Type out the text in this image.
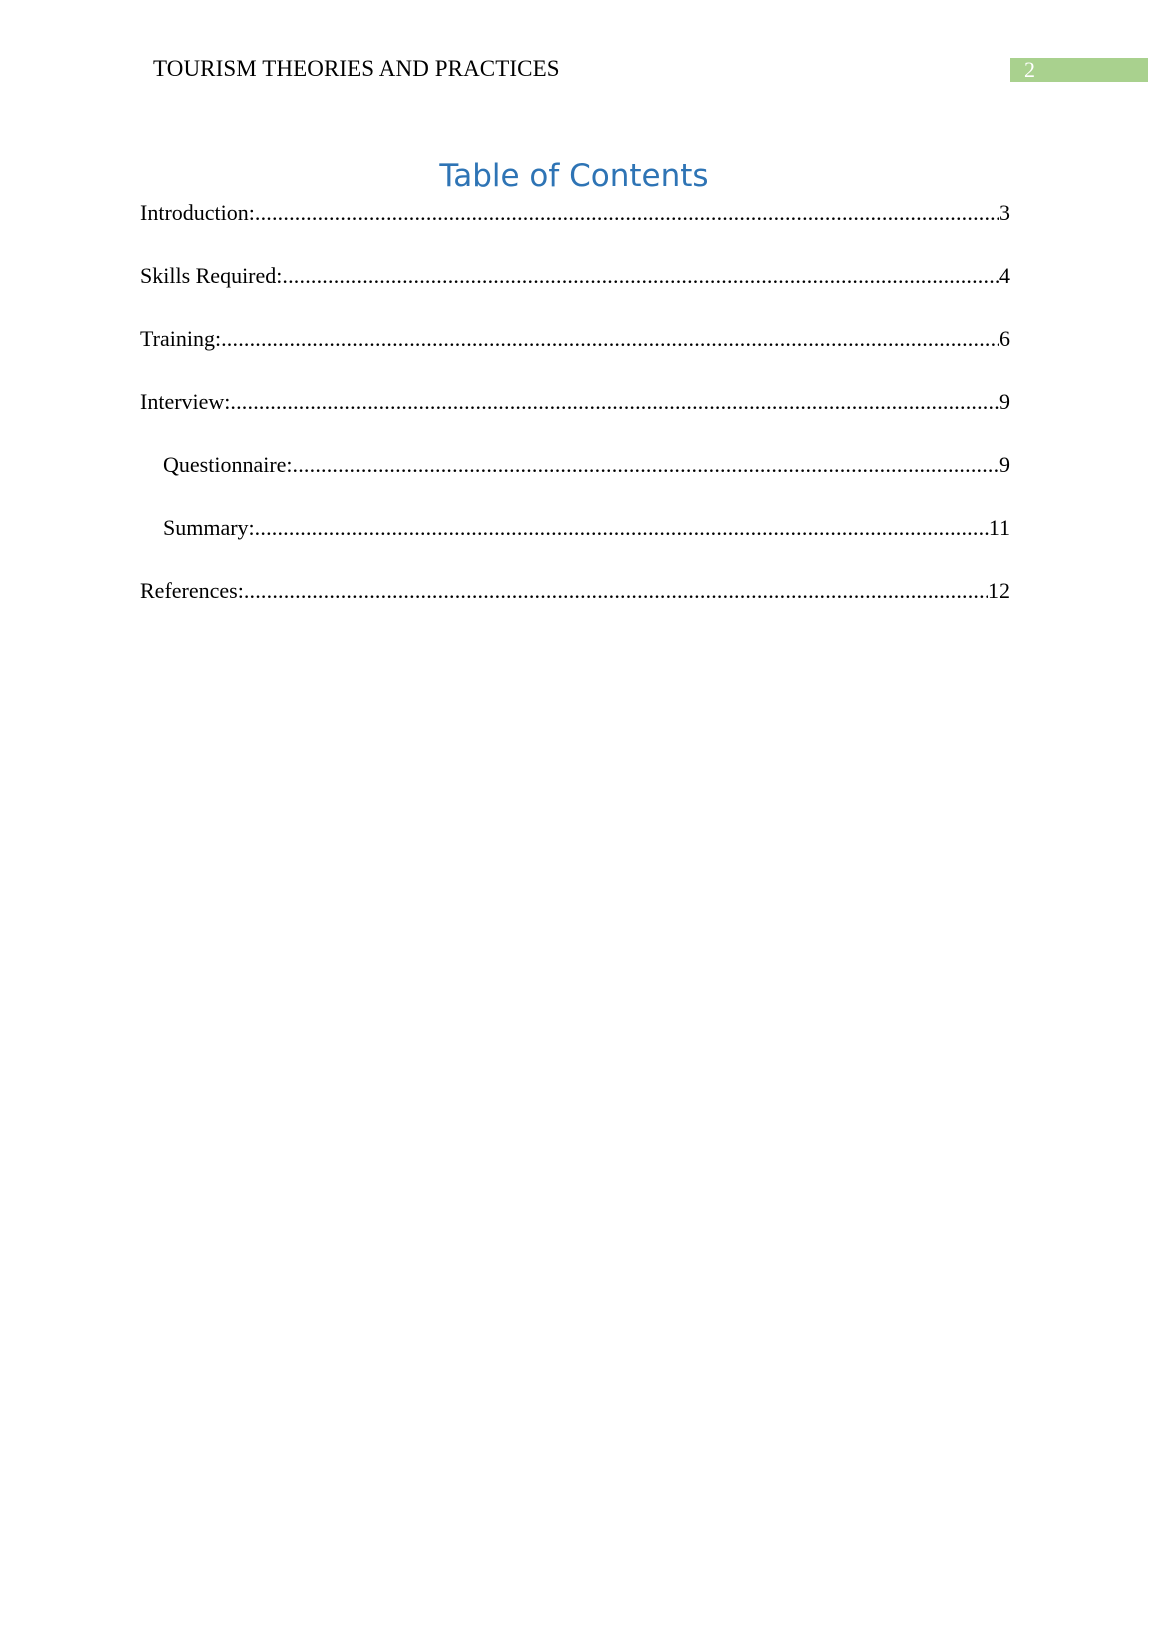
TOURISM THEORIES AND PRACTICES	2
Table of Contents
Introduction: .....	3
Skills Required: .....	4
Training: .....	6
Interview: .....	9
Questionnaire: .....	9
Summary: .....	11
References: .....	12
